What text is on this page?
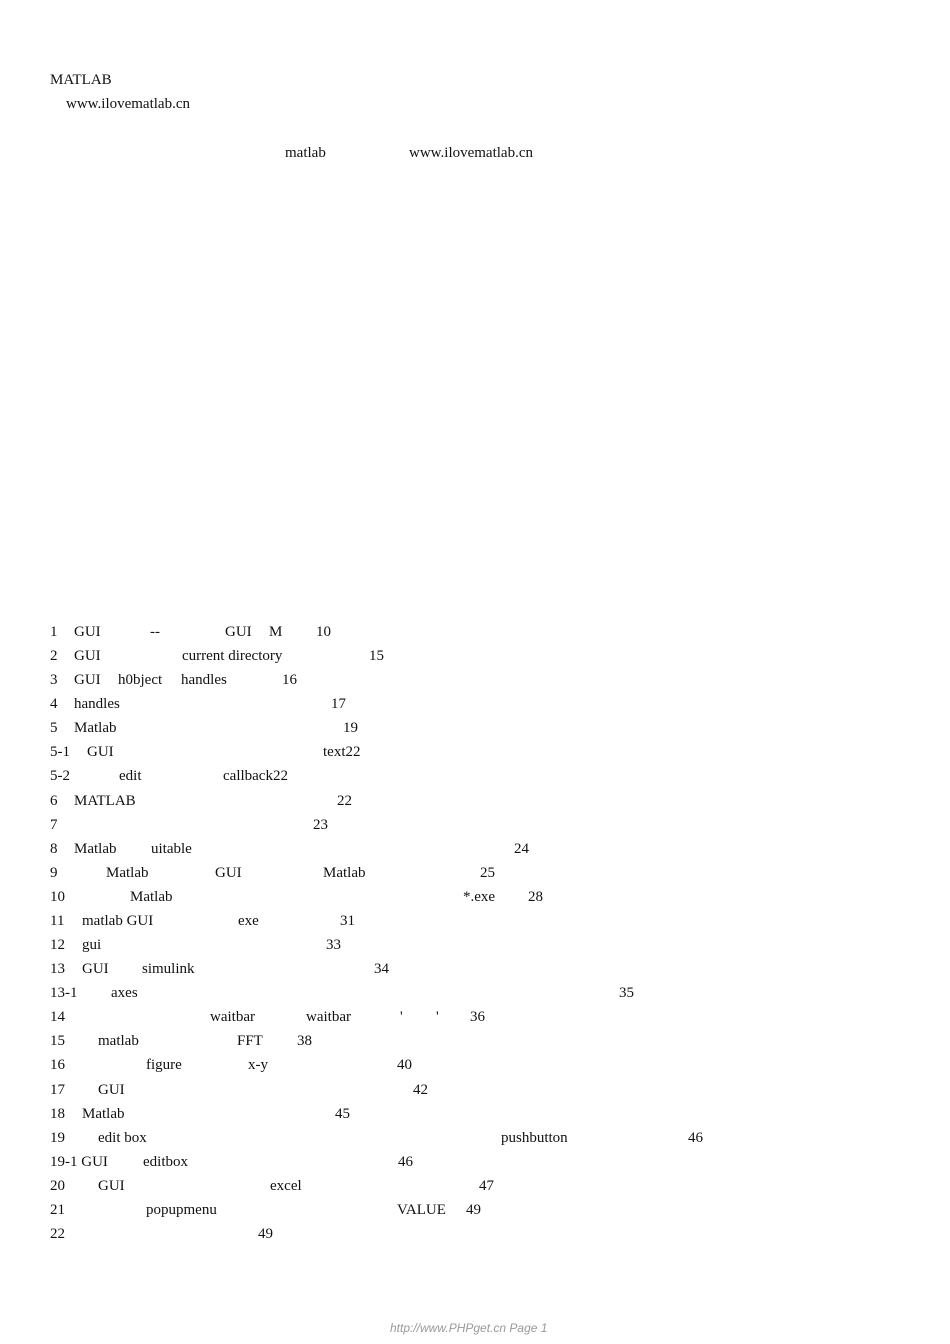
MATLAB
www.ilovematlab.cn
matlab	www.ilovematlab.cn
1 GUI	--	GUI M 10
2 GUI	current directory	15
3 GUI h0bject handles	16
4 handles	17
5 Matlab	19
5-1 GUI	text22
5-2	edit	callback22
6 MATLAB	22
7	23
8 Matlab uitable	24
9	Matlab	GUI	Matlab	25
10	Matlab	*.exe 28
11 matlab GUI	exe	31
12 gui	33
13 GUI simulink	34
13-1 axes	35
14	waitbar	waitbar	' ' 36
15 matlab	FFT 38
16	figure	x-y	40
17 GUI	42
18 Matlab	45
19 edit box	pushbutton	46
19-1 GUI editbox	46
20 GUI	excel	47
21	popupmenu	VALUE 49
22	49
http://www.PHPget.cn Page 1
